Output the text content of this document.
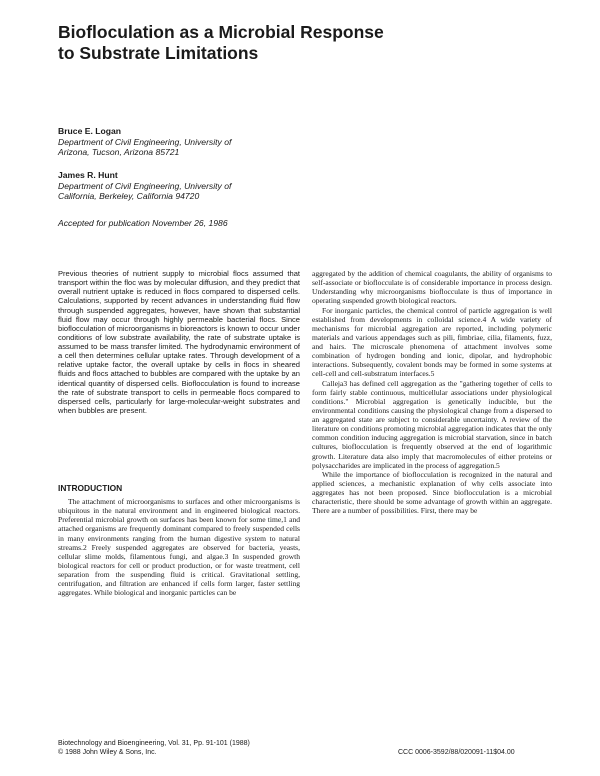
Biofloculation as a Microbial Response
to Substrate Limitations
Bruce E. Logan
Department of Civil Engineering, University of
Arizona, Tucson, Arizona 85721
James R. Hunt
Department of Civil Engineering, University of
California, Berkeley, California 94720
Accepted for publication November 26, 1986

Previous theories of nutrient supply to microbial flocs assumed that transport within the floc was by molecular diffusion, and they predict that overall nutrient uptake is reduced in flocs compared to dispersed cells. Calculations, supported by recent advances in understanding fluid flow through suspended aggregates, however, have shown that substantial fluid flow may occur through highly permeable bacterial flocs. Since bioflocculation of microorganisms in bioreactors is known to occur under conditions of low substrate availability, the rate of substrate uptake is assumed to be mass transfer limited. The hydrodynamic environment of a cell then determines cellular uptake rates. Through development of a relative uptake factor, the overall uptake by cells in flocs in sheared fluids and flocs attached to bubbles are compared with the uptake by an identical quantity of dispersed cells. Bioflocculation is found to increase the rate of substrate transport to cells in permeable flocs compared to dispersed cells, particularly for large-molecular-weight substrates and when bubbles are present.

INTRODUCTION

The attachment of microorganisms to surfaces and other microorganisms is ubiquitous in the natural environment and in engineered biological reactors. Preferential microbial growth on surfaces has been known for some time,1 and attached organisms are frequently dominant compared to freely suspended cells in many environments ranging from the human digestive system to natural streams.2 Freely suspended aggregates are observed for bacteria, yeasts, cellular slime molds, filamentous fungi, and algae.3 In suspended growth biological reactors for cell or product production, or for waste treatment, cell separation from the suspending fluid is critical. Gravitational settling, centrifugation, and filtration are enhanced if cells form larger, faster settling aggregates. While biological and inorganic particles can be

aggregated by the addition of chemical coagulants, the ability of organisms to self-associate or bioflocculate is of considerable importance in process design. Understanding why microorganisms bioflocculate is thus of importance in operating suspended growth biological reactors.

For inorganic particles, the chemical control of particle aggregation is well established from developments in colloidal science.4 A wide variety of mechanisms for microbial aggregation are reported, including polymeric materials and various appendages such as pili, fimbriae, cilia, filaments, fuzz, and hairs. The microscale phenomena of attachment involves some combination of hydrogen bonding and ionic, dipolar, and hydrophobic interactions. Subsequently, covalent bonds may be formed in some systems at cell-cell and cell-substratum interfaces.5

Calleja3 has defined cell aggregation as the "gathering together of cells to form fairly stable continuous, multicellular associations under physiological conditions." Microbial aggregation is genetically inducible, but the environmental conditions causing the physiological change from a dispersed to an aggregated state are subject to considerable uncertainty. A review of the literature on conditions promoting microbial aggregation indicates that the only common condition inducing aggregation is microbial starvation, since in batch cultures, bioflocculation is frequently observed at the end of logarithmic growth. Literature data also imply that macromolecules of either proteins or polysaccharides are implicated in the process of aggregation.5

While the importance of bioflocculation is recognized in the natural and applied sciences, a mechanistic explanation of why cells associate into aggregates has not been proposed. Since bioflocculation is a microbial characteristic, there should be some advantage of growth within an aggregate. There are a number of possibilities. First, there may be

Biotechnology and Bioengineering, Vol. 31, Pp. 91-101 (1988)
© 1988 John Wiley & Sons, Inc.	CCC 0006-3592/88/020091-11$04.00
